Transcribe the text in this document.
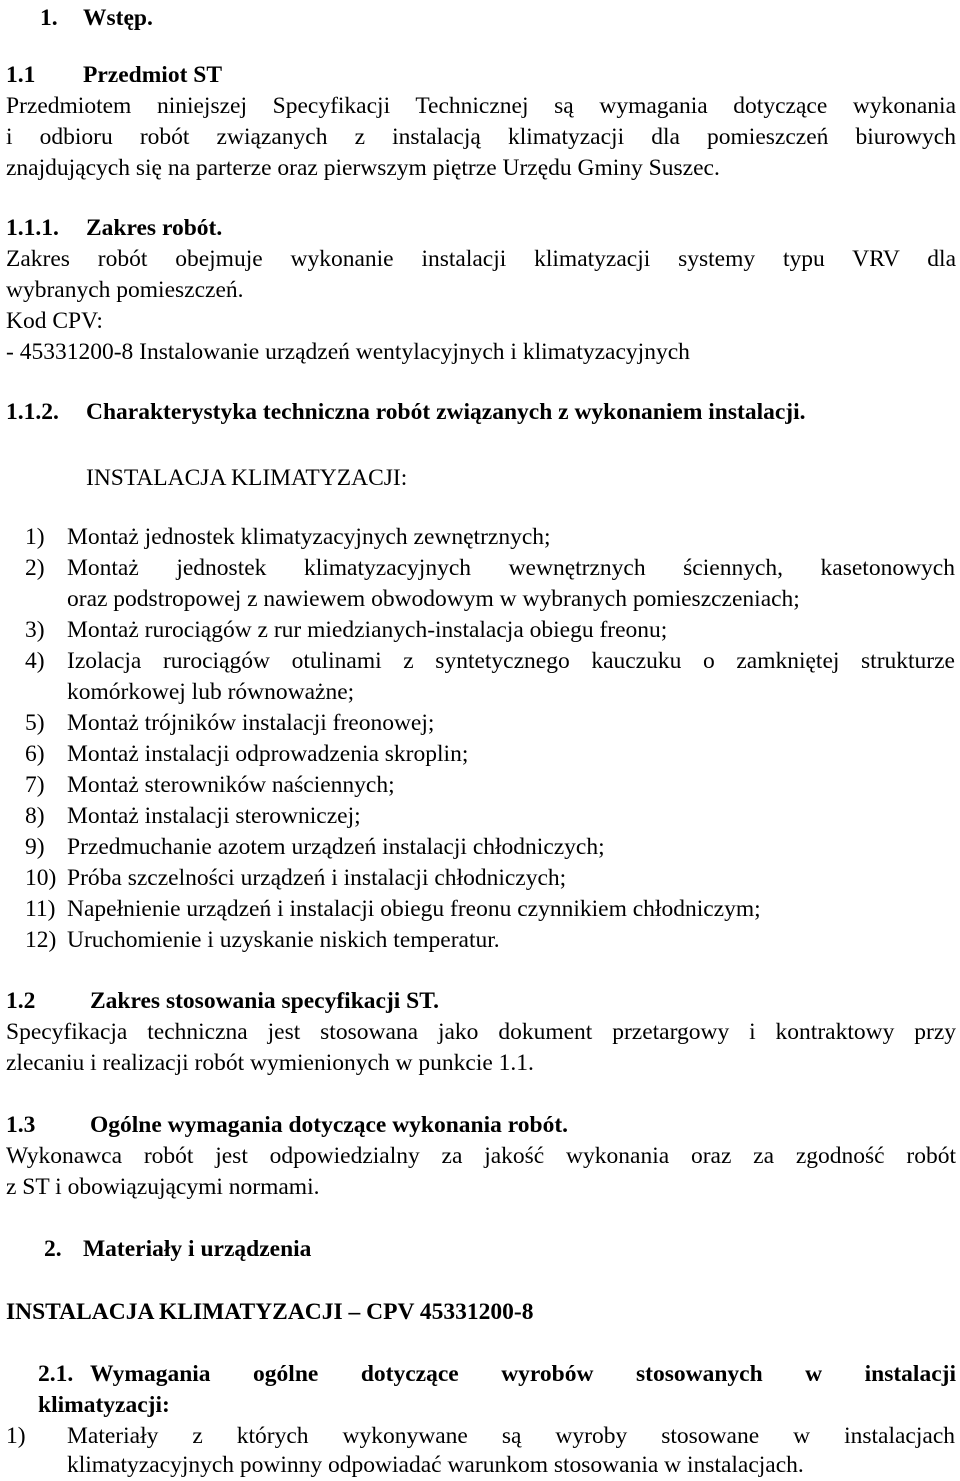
1. Wstęp.
1.1 Przedmiot ST
Przedmiotem niniejszej Specyfikacji Technicznej są wymagania dotyczące wykonania
i odbioru robót związanych z instalacją klimatyzacji dla pomieszczeń biurowych
znajdujących się na parterze oraz pierwszym piętrze Urzędu Gminy Suszec.
1.1.1. Zakres robót.
Zakres robót obejmuje wykonanie instalacji klimatyzacji systemy typu VRV dla
wybranych pomieszczeń.
Kod CPV:
- 45331200-8 Instalowanie urządzeń wentylacyjnych i klimatyzacyjnych
1.1.2. Charakterystyka techniczna robót związanych z wykonaniem instalacji.
INSTALACJA KLIMATYZACJI:
1) Montaż jednostek klimatyzacyjnych zewnętrznych;
2) Montaż jednostek klimatyzacyjnych wewnętrznych ściennych, kasetonowych
oraz podstropowej z nawiewem obwodowym w wybranych pomieszczeniach;
3) Montaż rurociągów z rur miedzianych-instalacja obiegu freonu;
4) Izolacja rurociągów otulinami z syntetycznego kauczuku o zamkniętej strukturze
komórkowej lub równoważne;
5) Montaż trójników instalacji freonowej;
6) Montaż instalacji odprowadzenia skroplin;
7) Montaż sterowników naściennych;
8) Montaż instalacji sterowniczej;
9) Przedmuchanie azotem urządzeń instalacji chłodniczych;
10) Próba szczelności urządzeń i instalacji chłodniczych;
11) Napełnienie urządzeń i instalacji obiegu freonu czynnikiem chłodniczym;
12) Uruchomienie i uzyskanie niskich temperatur.
1.2 Zakres stosowania specyfikacji ST.
Specyfikacja techniczna jest stosowana jako dokument przetargowy i kontraktowy przy
zlecaniu i realizacji robót wymienionych w punkcie 1.1.
1.3 Ogólne wymagania dotyczące wykonania robót.
Wykonawca robót jest odpowiedzialny za jakość wykonania oraz za zgodność robót
z ST i obowiązującymi normami.
2. Materiały i urządzenia
INSTALACJA KLIMATYZACJI – CPV 45331200-8
2.1. Wymagania ogólne dotyczące wyrobów stosowanych w instalacji
klimatyzacji:
1) Materiały z których wykonywane są wyroby stosowane w instalacjach
klimatyzacyjnych powinny odpowiadać warunkom stosowania w instalacjach.
